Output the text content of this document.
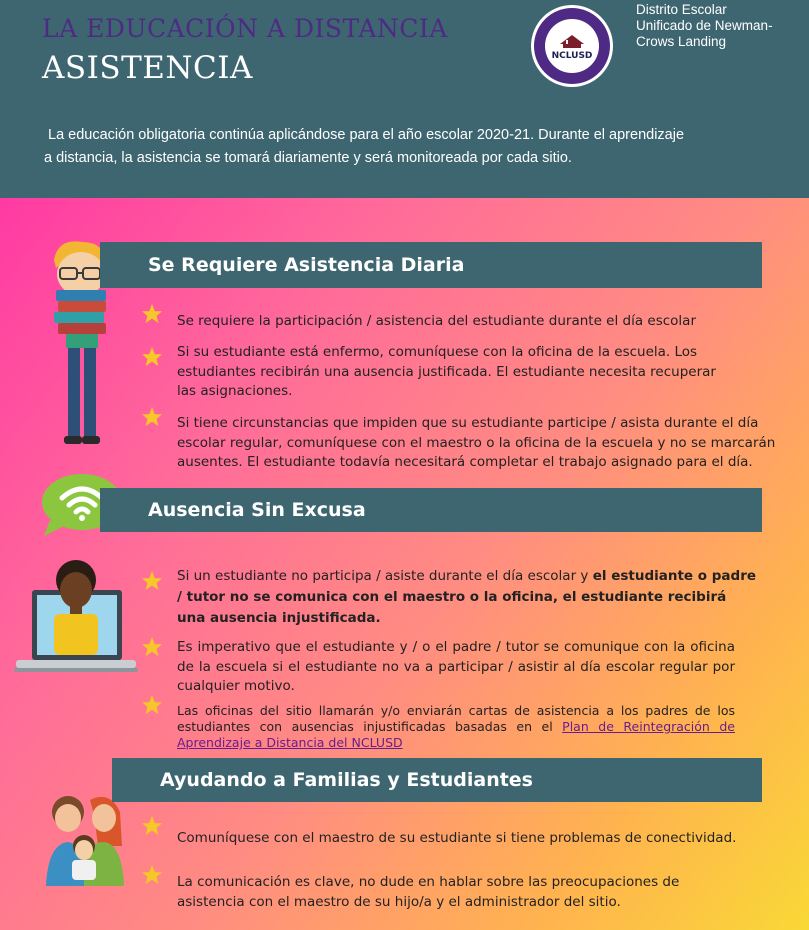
LA EDUCACIÓN A DISTANCIA
ASISTENCIA	NCLUSD
Distrito Escolar
Unificado de Newman-
Crows Landing
La educación obligatoria continúa aplicándose para el año escolar 2020-21. Durante el aprendizaje
a distancia, la asistencia se tomará diariamente y será monitoreada por cada sitio.
Se Requiere Asistencia Diaria
Ausencia Sin Excusa
Ayudando a Familias y Estudiantes
Se requiere la participación / asistencia del estudiante durante el día escolar
Si su estudiante está enfermo, comuníquese con la oficina de la escuela. Los estudiantes recibirán una ausencia justificada. El estudiante necesita recuperar las asignaciones.
Si tiene circunstancias que impiden que su estudiante participe / asista durante el día escolar regular, comuníquese con el maestro o la oficina de la escuela y no se marcarán ausentes. El estudiante todavía necesitará completar el trabajo asignado para el día.
Si un estudiante no participa / asiste durante el día escolar y el estudiante o padre / tutor no se comunica con el maestro o la oficina, el estudiante recibirá una ausencia injustificada.
Es imperativo que el estudiante y / o el padre / tutor se comunique con la oficina de la escuela si el estudiante no va a participar / asistir al día escolar regular por cualquier motivo.
Las oficinas del sitio llamarán y/o enviarán cartas de asistencia a los padres de los estudiantes con ausencias injustificadas basadas en el Plan de Reintegración de Aprendizaje a Distancia del NCLUSD
Comuníquese con el maestro de su estudiante si tiene problemas de conectividad.
La comunicación es clave, no dude en hablar sobre las preocupaciones de asistencia con el maestro de su hijo/a y el administrador del sitio.
